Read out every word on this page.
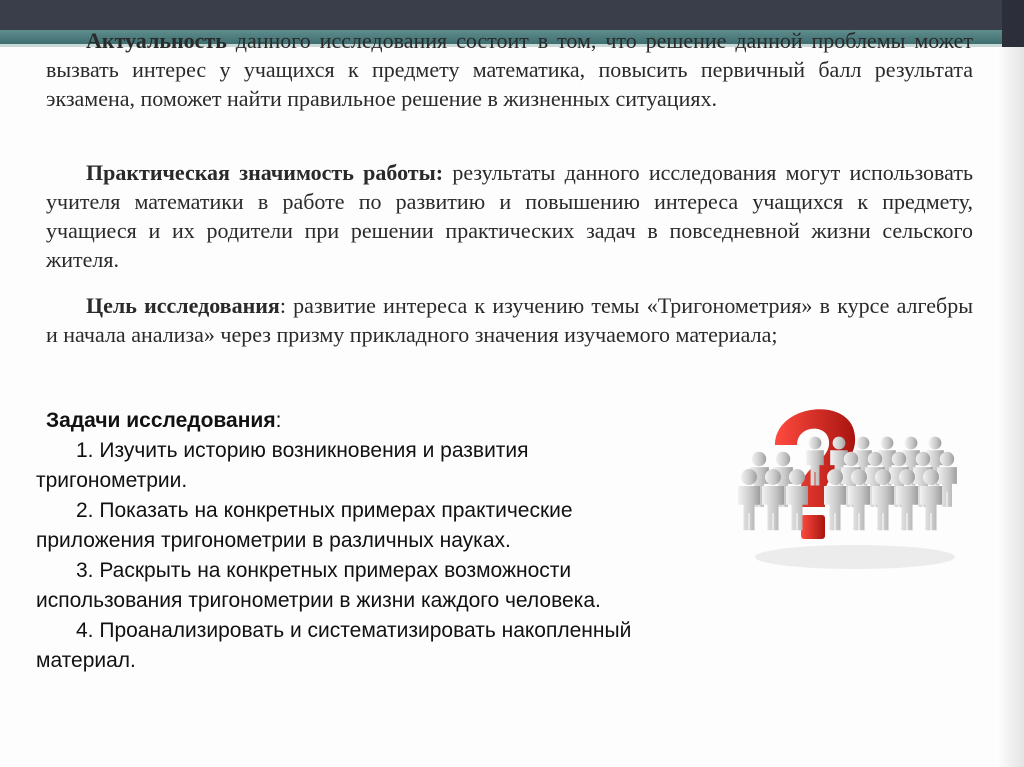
Актуальность данного исследования состоит в том, что решение данной проблемы может вызвать интерес у учащихся к предмету математика, повысить первичный балл результата экзамена, поможет найти правильное решение в жизненных ситуациях.
Практическая значимость работы: результаты данного исследования могут использовать учителя математики в работе по развитию и повышению интереса учащихся к предмету, учащиеся и их родители при решении практических задач в повседневной жизни сельского жителя.
Цель исследования: развитие интереса к изучению темы «Тригонометрия» в курсе алгебры и начала анализа» через призму прикладного значения изучаемого материала;
Задачи исследования:
1. Изучить историю возникновения и развития
тригонометрии.
2. Показать на конкретных примерах практические
приложения тригонометрии в различных науках.
3. Раскрыть на конкретных примерах возможности
использования тригонометрии в жизни каждого человека.
4. Проанализировать и систематизировать накопленный
материал.
